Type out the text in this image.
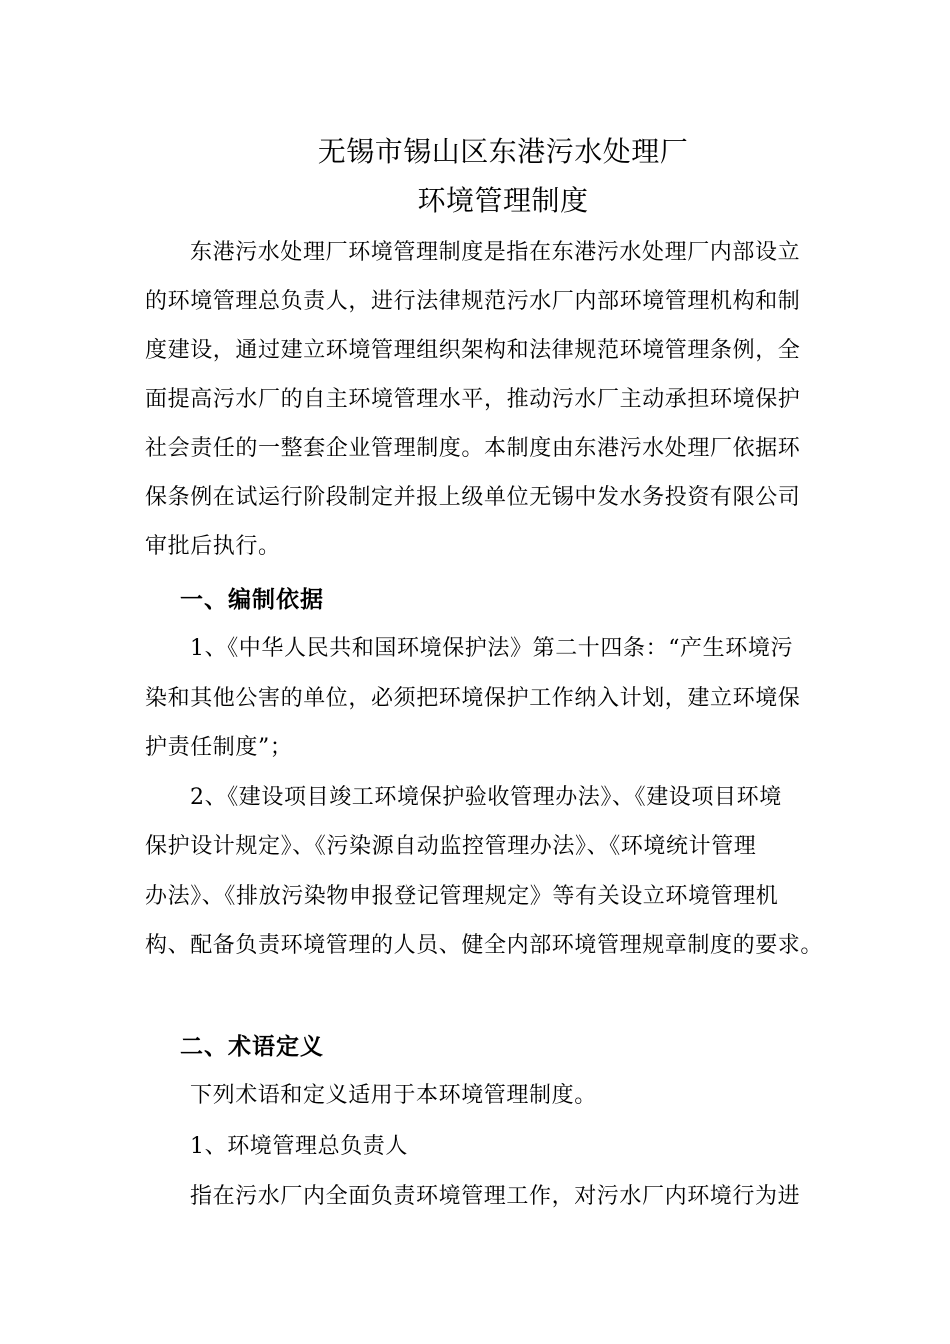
无锡市锡山区东港污水处理厂
环境管理制度
东港污水处理厂环境管理制度是指在东港污水处理厂内部设立
的环境管理总负责人，进行法律规范污水厂内部环境管理机构和制
度建设，通过建立环境管理组织架构和法律规范环境管理条例，全
面提高污水厂的自主环境管理水平，推动污水厂主动承担环境保护
社会责任的一整套企业管理制度。本制度由东港污水处理厂依据环
保条例在试运行阶段制定并报上级单位无锡中发水务投资有限公司
审批后执行。
一、编制依据
1、《中华人民共和国环境保护法》第二十四条：“产生环境污
染和其他公害的单位，必须把环境保护工作纳入计划，建立环境保
护责任制度”；
2、《建设项目竣工环境保护验收管理办法》、《建设项目环境
保护设计规定》、《污染源自动监控管理办法》、《环境统计管理
办法》、《排放污染物申报登记管理规定》等有关设立环境管理机
构、配备负责环境管理的人员、健全内部环境管理规章制度的要求。
二、术语定义
下列术语和定义适用于本环境管理制度。
1、环境管理总负责人
指在污水厂内全面负责环境管理工作，对污水厂内环境行为进
